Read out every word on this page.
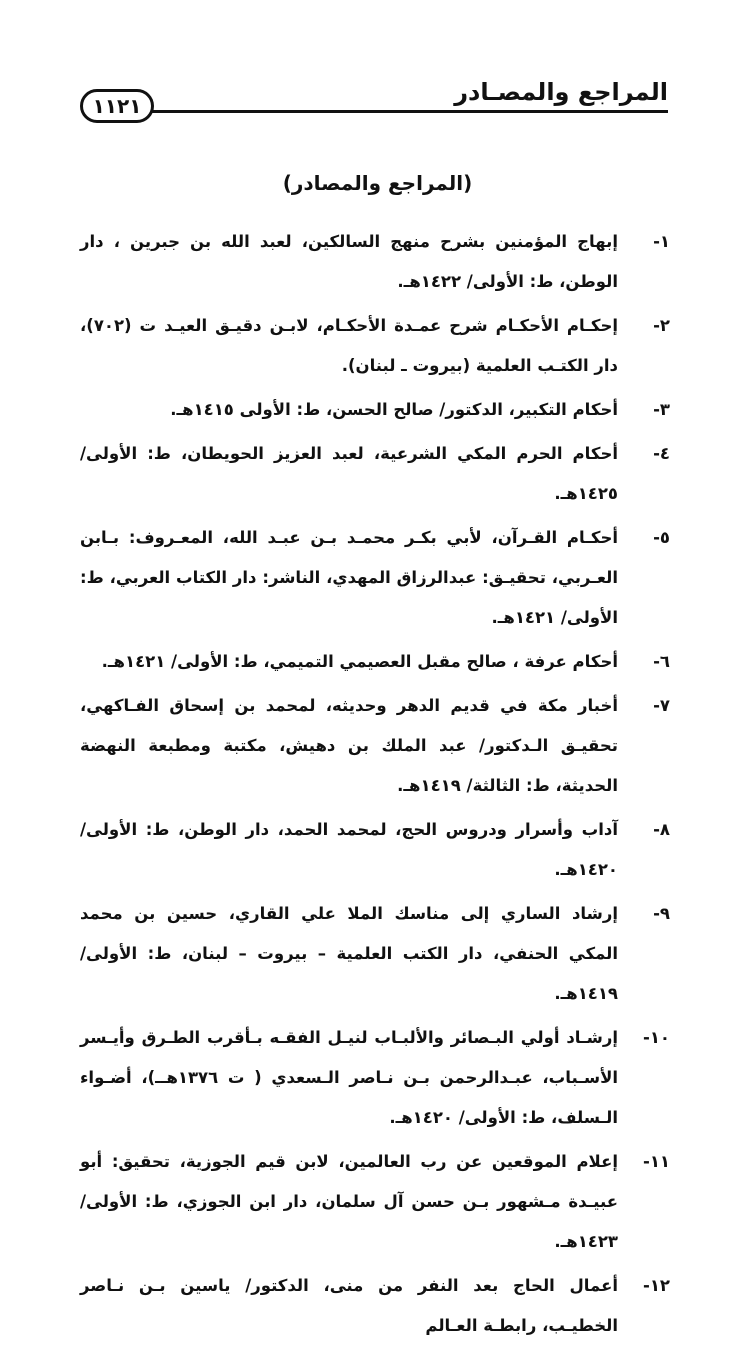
المراجع والمصـادر
١١٢١
(المراجع والمصادر)
١-
إبهاج المؤمنين بشرح منهج السالكين، لعبد الله بن جبرين ، دار الوطن، ط: الأولى/ ١٤٢٢هـ.
٢-
إحكـام الأحكـام شرح عمـدة الأحكـام، لابـن دقيـق العيـد ت (٧٠٢)، دار الكتـب العلمية (بيروت ـ لبنان).
٣-
أحكام التكبير، الدكتور/ صالح الحسن، ط: الأولى ١٤١٥هـ.
٤-
أحكام الحرم المكي الشرعية، لعبد العزيز الحويطان، ط: الأولى/ ١٤٢٥هـ.
٥-
أحكـام القـرآن، لأبي بكـر محمـد بـن عبـد الله، المعـروف: بـابن العـربي، تحقيـق: عبدالرزاق المهدي، الناشر: دار الكتاب العربي، ط: الأولى/ ١٤٢١هـ.
٦-
أحكام عرفة ، صالح مقبل العصيمي التميمي، ط: الأولى/ ١٤٢١هـ.
٧-
أخبار مكة في قديم الدهر وحديثه، لمحمد بن إسحاق الفـاكهي، تحقيـق الـدكتور/ عبد الملك بن دهيش، مكتبة ومطبعة النهضة الحديثة، ط: الثالثة/ ١٤١٩هـ.
٨-
آداب وأسرار ودروس الحج، لمحمد الحمد، دار الوطن، ط: الأولى/ ١٤٢٠هـ.
٩-
إرشاد الساري إلى مناسك الملا علي القاري، حسين بن محمد المكي الحنفي، دار الكتب العلمية – بيروت – لبنان، ط: الأولى/ ١٤١٩هـ.
١٠-
إرشـاد أولي البـصائر والألبـاب لنيـل الفقـه بـأقرب الطـرق وأيـسر الأسـباب، عبـدالرحمن بـن نـاصر الـسعدي ( ت ١٣٧٦هــ)، أضـواء الـسلف، ط: الأولى/ ١٤٢٠هـ.
١١-
إعلام الموقعين عن رب العالمين، لابن قيم الجوزية، تحقيق: أبو عبيـدة مـشهور بـن حسن آل سلمان، دار ابن الجوزي، ط: الأولى/ ١٤٢٣هـ.
١٢-
أعمال الحاج بعد النفر من منى، الدكتور/ ياسين بـن نـاصر الخطيـب، رابطـة العـالم
